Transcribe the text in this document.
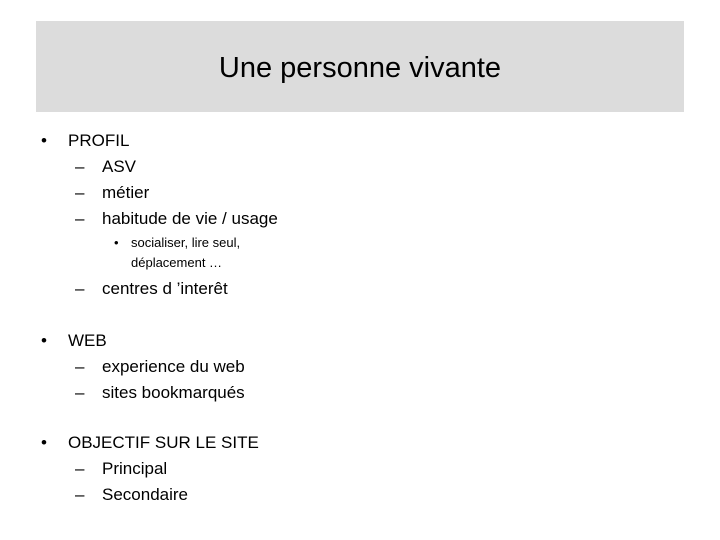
Une personne vivante
• PROFIL
– ASV
– métier
– habitude de vie / usage
• socialiser, lire seul,
déplacement …
– centres d ’interêt
• WEB
– experience du web
– sites bookmarqués
• OBJECTIF SUR LE SITE
– Principal
– Secondaire
